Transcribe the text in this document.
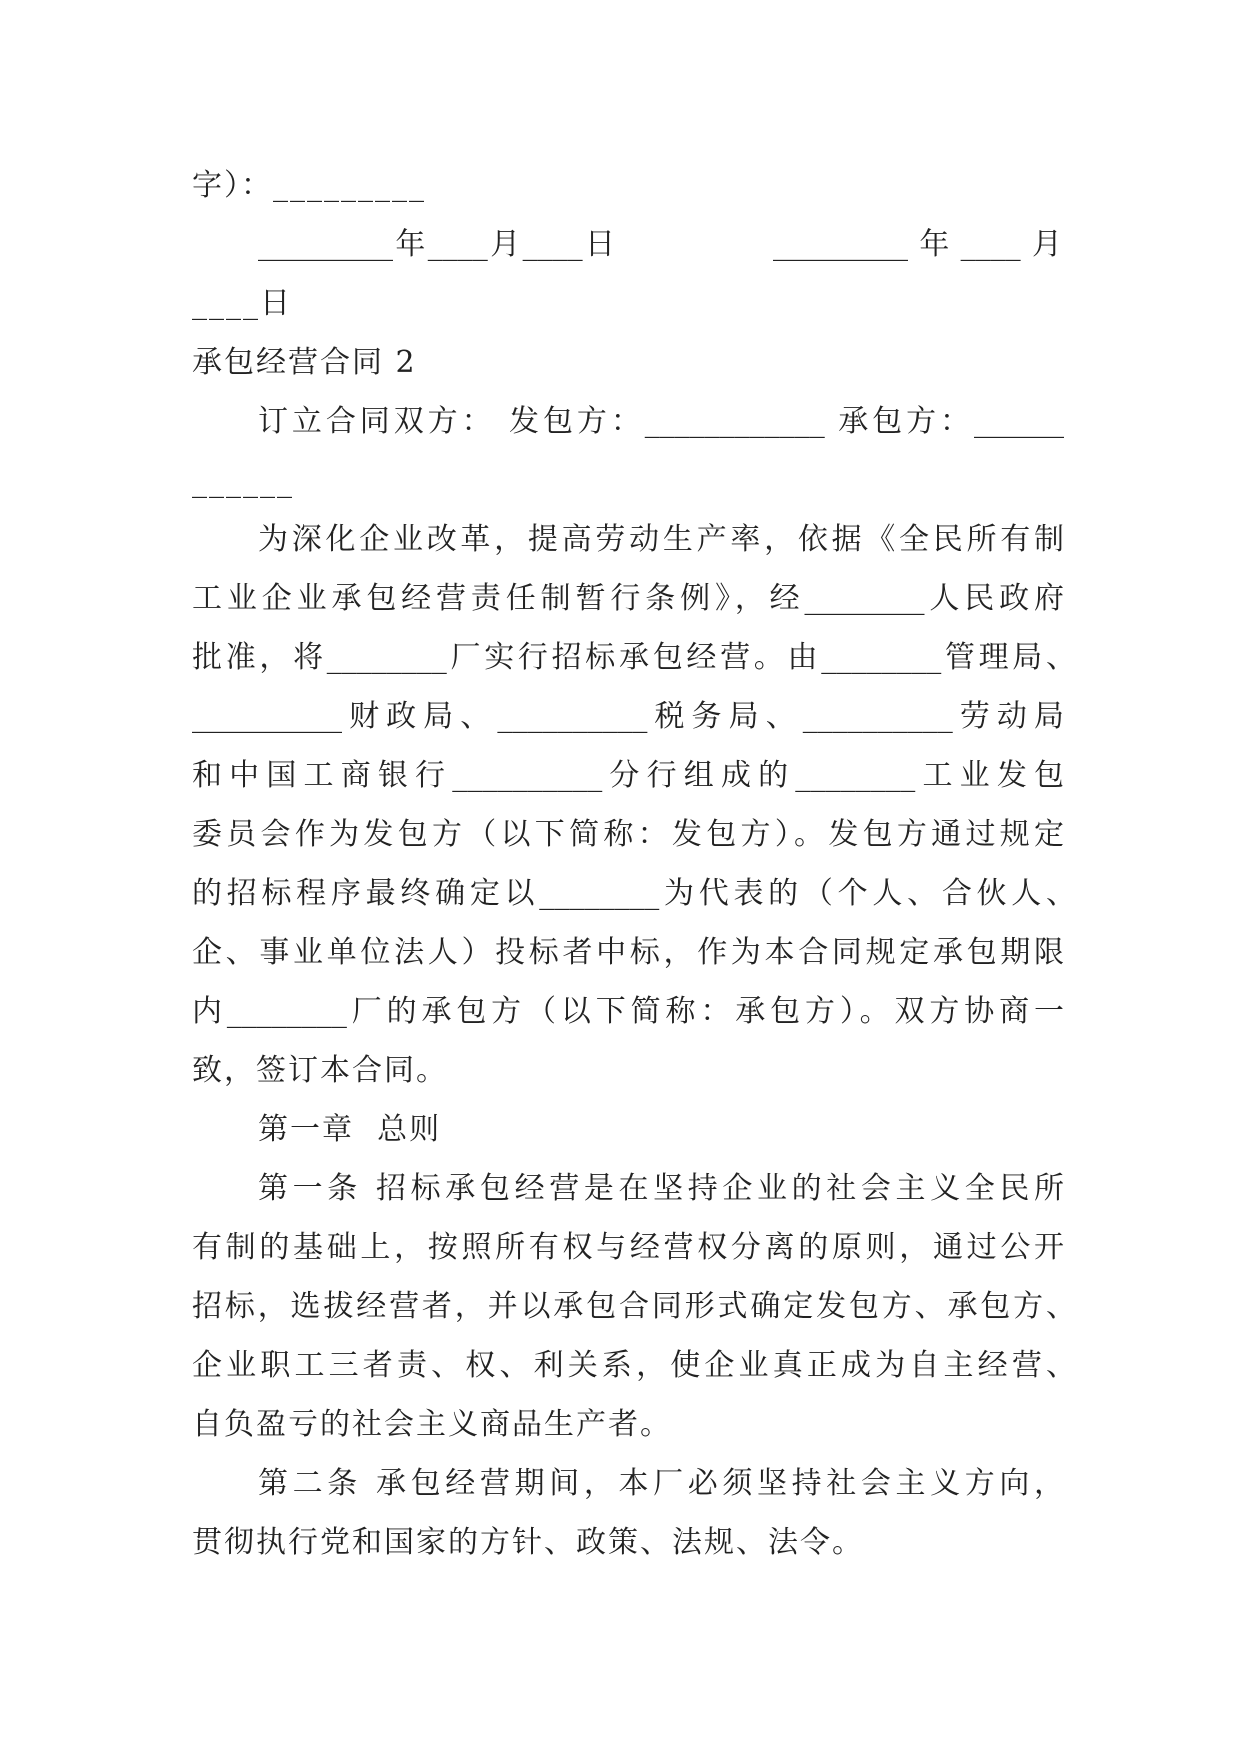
字）：_________
_________年____月____日	_________年____月
____日
承包经营合同 2
订立合同双方： 发包方：____________ 承包方：______
______
为深化企业改革，提高劳动生产率，依据《全民所有制
工业企业承包经营责任制暂行条例》，经________人民政府
批准，将________厂实行招标承包经营。由________管理局、
__________财政局、__________税务局、__________劳动局
和中国工商银行__________分行组成的________工业发包
委员会作为发包方（以下简称：发包方）。发包方通过规定
的招标程序最终确定以________为代表的（个人、合伙人、
企、事业单位法人）投标者中标，作为本合同规定承包期限
内________厂的承包方（以下简称：承包方）。双方协商一
致，签订本合同。
第一章  总则
第一条 招标承包经营是在坚持企业的社会主义全民所
有制的基础上，按照所有权与经营权分离的原则，通过公开
招标，选拔经营者，并以承包合同形式确定发包方、承包方、
企业职工三者责、权、利关系，使企业真正成为自主经营、
自负盈亏的社会主义商品生产者。
第二条 承包经营期间，本厂必须坚持社会主义方向，
贯彻执行党和国家的方针、政策、法规、法令。
